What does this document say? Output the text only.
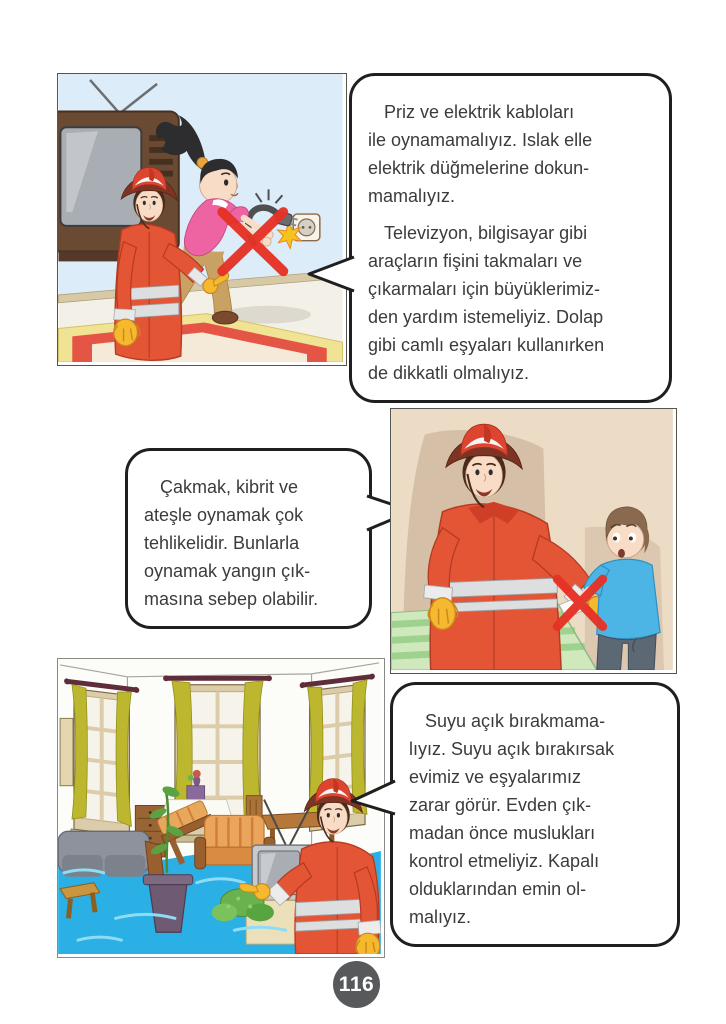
Priz ve elektrik kabloları
ile oynamamalıyız. Islak elle
elektrik düğmelerine dokun-
mamalıyız.
Televizyon, bilgisayar gibi
araçların fişini takmaları ve
çıkarmaları için büyüklerimiz-
den yardım istemeliyiz. Dolap
gibi camlı eşyaları kullanırken
de dikkatli olmalıyız.
Çakmak, kibrit ve
ateşle oynamak çok
tehlikelidir. Bunlarla
oynamak yangın çık-
masına sebep olabilir.
Suyu açık bırakmama-
lıyız. Suyu açık bırakırsak
evimiz ve eşyalarımız
zarar görür. Evden çık-
madan önce muslukları
kontrol etmeliyiz. Kapalı
olduklarından emin ol-
malıyız.
116
